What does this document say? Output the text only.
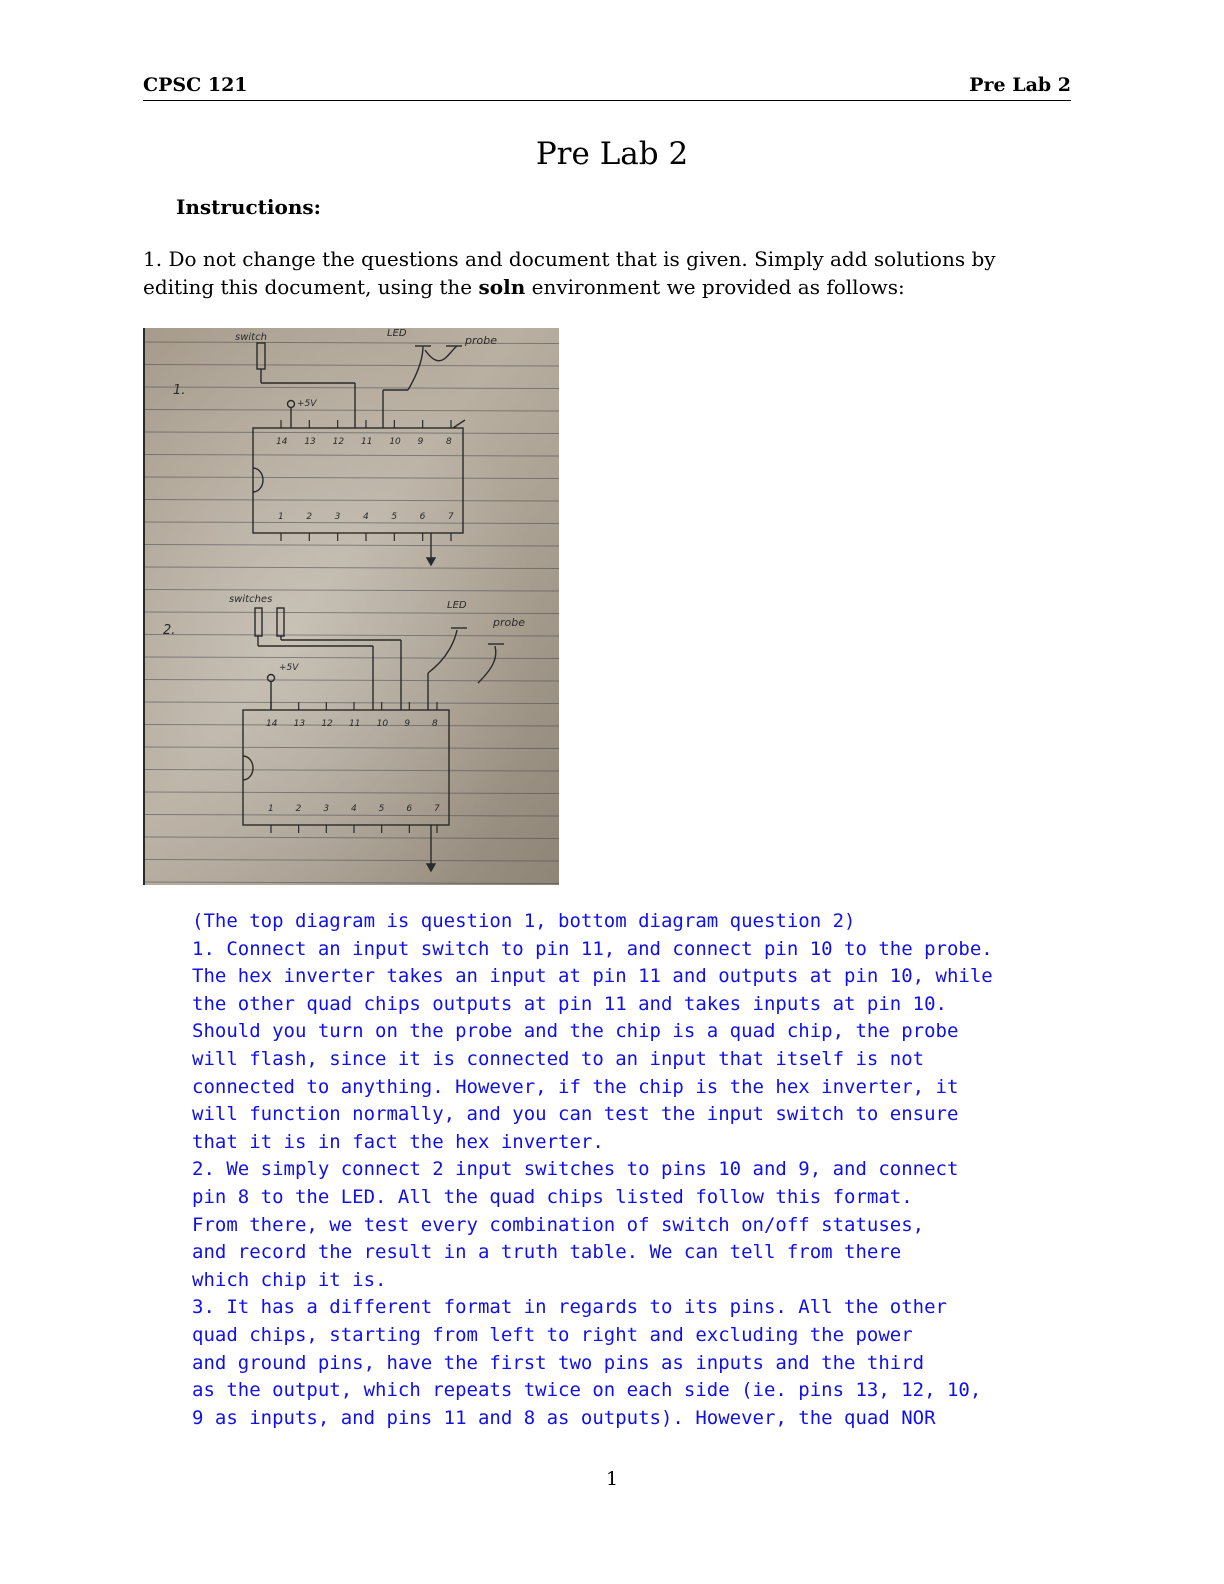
CPSC 121	Pre Lab 2
Pre Lab 2
Instructions:
1. Do not change the questions and document that is given. Simply add solutions by editing this document, using the soln environment we provided as follows:
switch	LED
probe
+5V
1.
switches
LED
probe
+5V
2.
14
1
13
2
12
3
11
4
10
5
9
6
8
7
14
1
13
2
12
3
11
4
10
5
9
6
8
7
(The top diagram is question 1, bottom diagram question 2)
1. Connect an input switch to pin 11, and connect pin 10 to the probe.
The hex inverter takes an input at pin 11 and outputs at pin 10, while
the other quad chips outputs at pin 11 and takes inputs at pin 10.
Should you turn on the probe and the chip is a quad chip, the probe
will flash, since it is connected to an input that itself is not
connected to anything. However, if the chip is the hex inverter, it
will function normally, and you can test the input switch to ensure
that it is in fact the hex inverter.
2. We simply connect 2 input switches to pins 10 and 9, and connect
pin 8 to the LED. All the quad chips listed follow this format.
From there, we test every combination of switch on/off statuses,
and record the result in a truth table. We can tell from there
which chip it is.
3. It has a different format in regards to its pins. All the other
quad chips, starting from left to right and excluding the power
and ground pins, have the first two pins as inputs and the third
as the output, which repeats twice on each side (ie. pins 13, 12, 10,
9 as inputs, and pins 11 and 8 as outputs). However, the quad NOR
1
